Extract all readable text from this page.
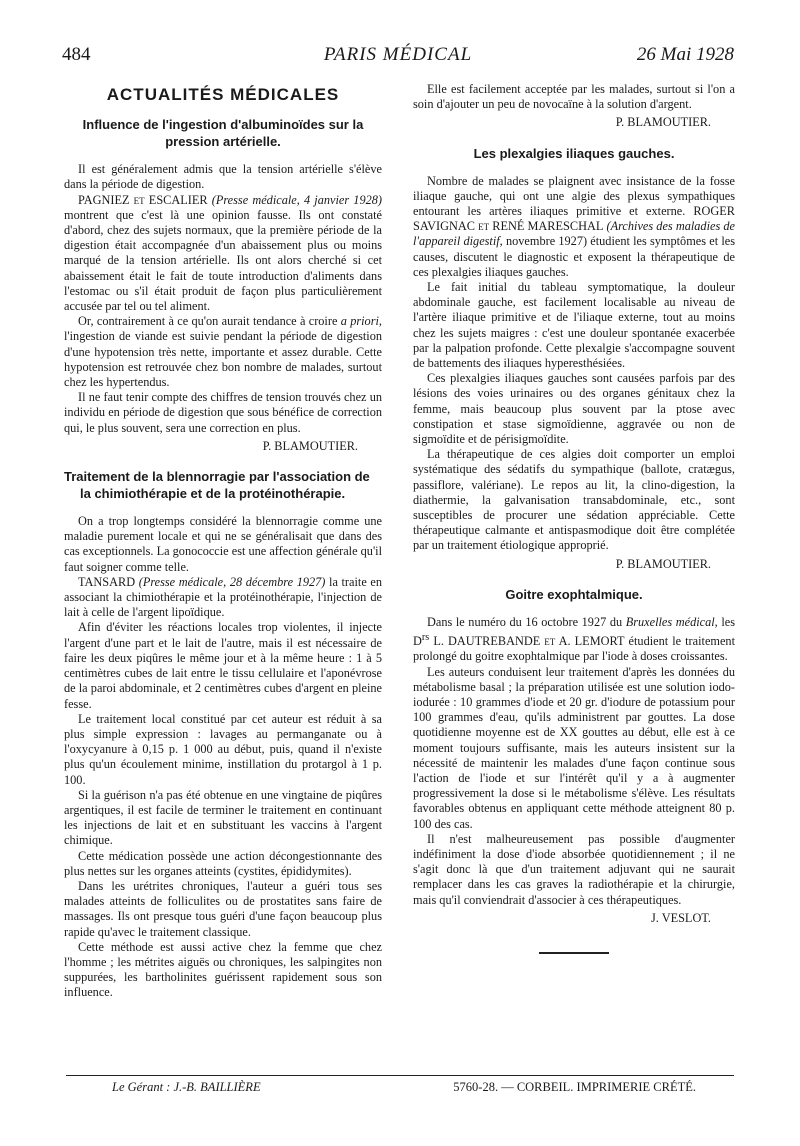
484	PARIS MÉDICAL	26 Mai 1928
ACTUALITÉS MÉDICALES
Influence de l'ingestion d'albuminoïdes sur la pression artérielle.

Il est généralement admis que la tension artérielle s'élève dans la période de digestion.

PAGNIEZ et ESCALIER (Presse médicale, 4 janvier 1928) montrent que c'est là une opinion fausse. Ils ont constaté d'abord, chez des sujets normaux, que la première période de la digestion était accompagnée d'un abaissement plus ou moins marqué de la tension artérielle. Ils ont alors cherché si cet abaissement était le fait de toute introduction d'aliments dans l'estomac ou s'il était produit de façon plus particulièrement accusée par tel ou tel aliment.

Or, contrairement à ce qu'on aurait tendance à croire a priori, l'ingestion de viande est suivie pendant la période de digestion d'une hypotension très nette, importante et assez durable. Cette hypotension est retrouvée chez bon nombre de malades, surtout chez les hypertendus.

Il ne faut tenir compte des chiffres de tension trouvés chez un individu en période de digestion que sous bénéfice de correction qui, le plus souvent, sera une correction en plus.

P. BLAMOUTIER.
Traitement de la blennorragie par l'association de la chimiothérapie et de la protéinothérapie.

On a trop longtemps considéré la blennorragie comme une maladie purement locale et qui ne se généralisait que dans des cas exceptionnels. La gonococcie est une affection générale qu'il faut soigner comme telle.

TANSARD (Presse médicale, 28 décembre 1927) la traite en associant la chimiothérapie et la protéinothérapie, l'injection de lait à celle de l'argent lipoïdique.

Afin d'éviter les réactions locales trop violentes, il injecte l'argent d'une part et le lait de l'autre, mais il est nécessaire de faire les deux piqûres le même jour et à la même heure : 1 à 5 centimètres cubes de lait entre le tissu cellulaire et l'aponévrose de la paroi abdominale, et 2 centimètres cubes d'argent en pleine fesse.

Le traitement local constitué par cet auteur est réduit à sa plus simple expression : lavages au permanganate ou à l'oxycyanure à 0,15 p. 1 000 au début, puis, quand il n'existe plus qu'un écoulement minime, instillation du protargol à 1 p. 100.

Si la guérison n'a pas été obtenue en une vingtaine de piqûres argentiques, il est facile de terminer le traitement en continuant les injections de lait et en substituant les vaccins à l'argent chimique.

Cette médication possède une action décongestionnante des plus nettes sur les organes atteints (cystites, épididymites).

Dans les urétrites chroniques, l'auteur a guéri tous ses malades atteints de folliculites ou de prostatites sans faire de massages. Ils ont presque tous guéri d'une façon beaucoup plus rapide qu'avec le traitement classique.

Cette méthode est aussi active chez la femme que chez l'homme ; les métrites aiguës ou chroniques, les salpingites non suppurées, les bartholinites guérissent rapidement sous son influence.

Elle est facilement acceptée par les malades, surtout si l'on a soin d'ajouter un peu de novocaïne à la solution d'argent.

P. BLAMOUTIER.
Les plexalgies iliaques gauches.

Nombre de malades se plaignent avec insistance de la fosse iliaque gauche, qui ont une algie des plexus sympathiques entourant les artères iliaques primitive et externe. ROGER SAVIGNAC et RENÉ MARESCHAL (Archives des maladies de l'appareil digestif, novembre 1927) étudient les symptômes et les causes, discutent le diagnostic et exposent la thérapeutique de ces plexalgies iliaques gauches.

Le fait initial du tableau symptomatique, la douleur abdominale gauche, est facilement localisable au niveau de l'artère iliaque primitive et de l'iliaque externe, tout au moins chez les sujets maigres : c'est une douleur spontanée exacerbée par la palpation profonde. Cette plexalgie s'accompagne souvent de battements des iliaques hyperesthésiées.

Ces plexalgies iliaques gauches sont causées parfois par des lésions des voies urinaires ou des organes génitaux chez la femme, mais beaucoup plus souvent par la ptose avec constipation et stase sigmoïdienne, aggravée ou non de sigmoïdite et de périsigmoïdite.

La thérapeutique de ces algies doit comporter un emploi systématique des sédatifs du sympathique (ballote, cratægus, passiflore, valériane). Le repos au lit, la clino-digestion, la diathermie, la galvanisation transabdominale, etc., sont susceptibles de procurer une sédation appréciable. Cette thérapeutique calmante et antispasmodique doit être complétée par un traitement étiologique approprié.

P. BLAMOUTIER.
Goitre exophtalmique.

Dans le numéro du 16 octobre 1927 du Bruxelles médical, les $D^{rs}$ L. DAUTREBANDE et A. LEMORT étudient le traitement prolongé du goitre exophtalmique par l'iode à doses croissantes.

Les auteurs conduisent leur traitement d'après les données du métabolisme basal ; la préparation utilisée est une solution iodo-iodurée : 10 grammes d'iode et 20 gr. d'iodure de potassium pour 100 grammes d'eau, qu'ils administrent par gouttes. La dose quotidienne moyenne est de XX gouttes au début, elle est à ce moment toujours suffisante, mais les auteurs insistent sur la nécessité de maintenir les malades d'une façon continue sous l'action de l'iode et sur l'intérêt qu'il y a à augmenter progressivement la dose si le métabolisme s'élève. Les résultats favorables obtenus en appliquant cette méthode atteignent 80 p. 100 des cas.

Il n'est malheureusement pas possible d'augmenter indéfiniment la dose d'iode absorbée quotidiennement ; il ne s'agit donc là que d'un traitement adjuvant qui ne saurait remplacer dans les cas graves la radiothérapie et la chirurgie, mais qu'il conviendrait d'associer à ces thérapeutiques.

J. VESLOT.
Le Gérant : J.-B. BAILLIÈRE	5760-28. — CORBEIL. IMPRIMERIE CRÉTÉ.
